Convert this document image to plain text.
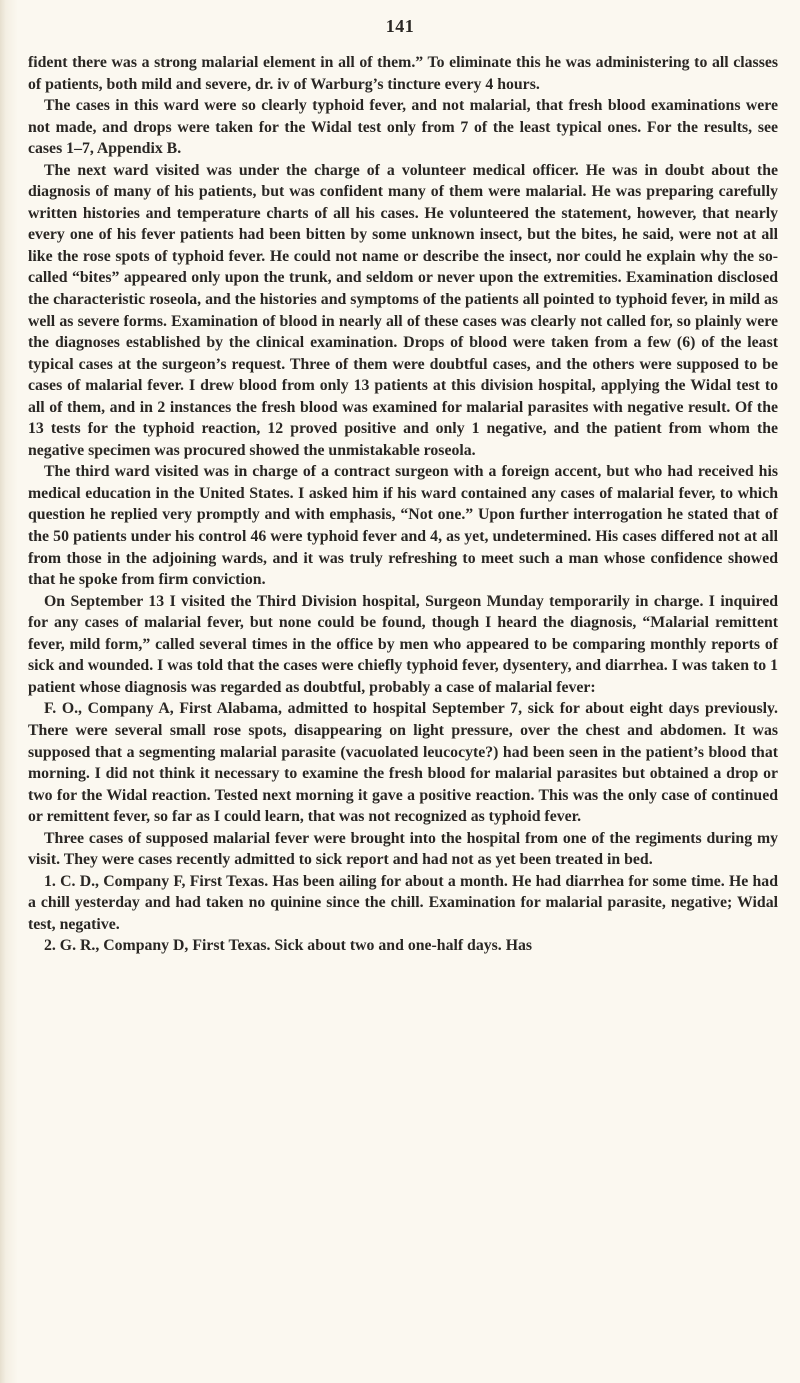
141

fident there was a strong malarial element in all of them.” To eliminate this he was administering to all classes of patients, both mild and severe, dr. iv of Warburg’s tincture every 4 hours.

The cases in this ward were so clearly typhoid fever, and not malarial, that fresh blood examinations were not made, and drops were taken for the Widal test only from 7 of the least typical ones. For the results, see cases 1–7, Appendix B.

The next ward visited was under the charge of a volunteer medical officer. He was in doubt about the diagnosis of many of his patients, but was confident many of them were malarial. He was preparing carefully written histories and temperature charts of all his cases. He volunteered the statement, however, that nearly every one of his fever patients had been bitten by some unknown insect, but the bites, he said, were not at all like the rose spots of typhoid fever. He could not name or describe the insect, nor could he explain why the so-called “bites” appeared only upon the trunk, and seldom or never upon the extremities. Examination disclosed the characteristic roseola, and the histories and symptoms of the patients all pointed to typhoid fever, in mild as well as severe forms. Examination of blood in nearly all of these cases was clearly not called for, so plainly were the diagnoses established by the clinical examination. Drops of blood were taken from a few (6) of the least typical cases at the surgeon’s request. Three of them were doubtful cases, and the others were supposed to be cases of malarial fever. I drew blood from only 13 patients at this division hospital, applying the Widal test to all of them, and in 2 instances the fresh blood was examined for malarial parasites with negative result. Of the 13 tests for the typhoid reaction, 12 proved positive and only 1 negative, and the patient from whom the negative specimen was procured showed the unmistakable roseola.

The third ward visited was in charge of a contract surgeon with a foreign accent, but who had received his medical education in the United States. I asked him if his ward contained any cases of malarial fever, to which question he replied very promptly and with emphasis, “Not one.” Upon further interrogation he stated that of the 50 patients under his control 46 were typhoid fever and 4, as yet, undetermined. His cases differed not at all from those in the adjoining wards, and it was truly refreshing to meet such a man whose confidence showed that he spoke from firm conviction.

On September 13 I visited the Third Division hospital, Surgeon Munday temporarily in charge. I inquired for any cases of malarial fever, but none could be found, though I heard the diagnosis, “Malarial remittent fever, mild form,” called several times in the office by men who appeared to be comparing monthly reports of sick and wounded. I was told that the cases were chiefly typhoid fever, dysentery, and diarrhea. I was taken to 1 patient whose diagnosis was regarded as doubtful, probably a case of malarial fever:

F. O., Company A, First Alabama, admitted to hospital September 7, sick for about eight days previously. There were several small rose spots, disappearing on light pressure, over the chest and abdomen. It was supposed that a segmenting malarial parasite (vacuolated leucocyte?) had been seen in the patient’s blood that morning. I did not think it necessary to examine the fresh blood for malarial parasites but obtained a drop or two for the Widal reaction. Tested next morning it gave a positive reaction. This was the only case of continued or remittent fever, so far as I could learn, that was not recognized as typhoid fever.

Three cases of supposed malarial fever were brought into the hospital from one of the regiments during my visit. They were cases recently admitted to sick report and had not as yet been treated in bed.

1. C. D., Company F, First Texas. Has been ailing for about a month. He had diarrhea for some time. He had a chill yesterday and had taken no quinine since the chill. Examination for malarial parasite, negative; Widal test, negative.

2. G. R., Company D, First Texas. Sick about two and one-half days. Has
